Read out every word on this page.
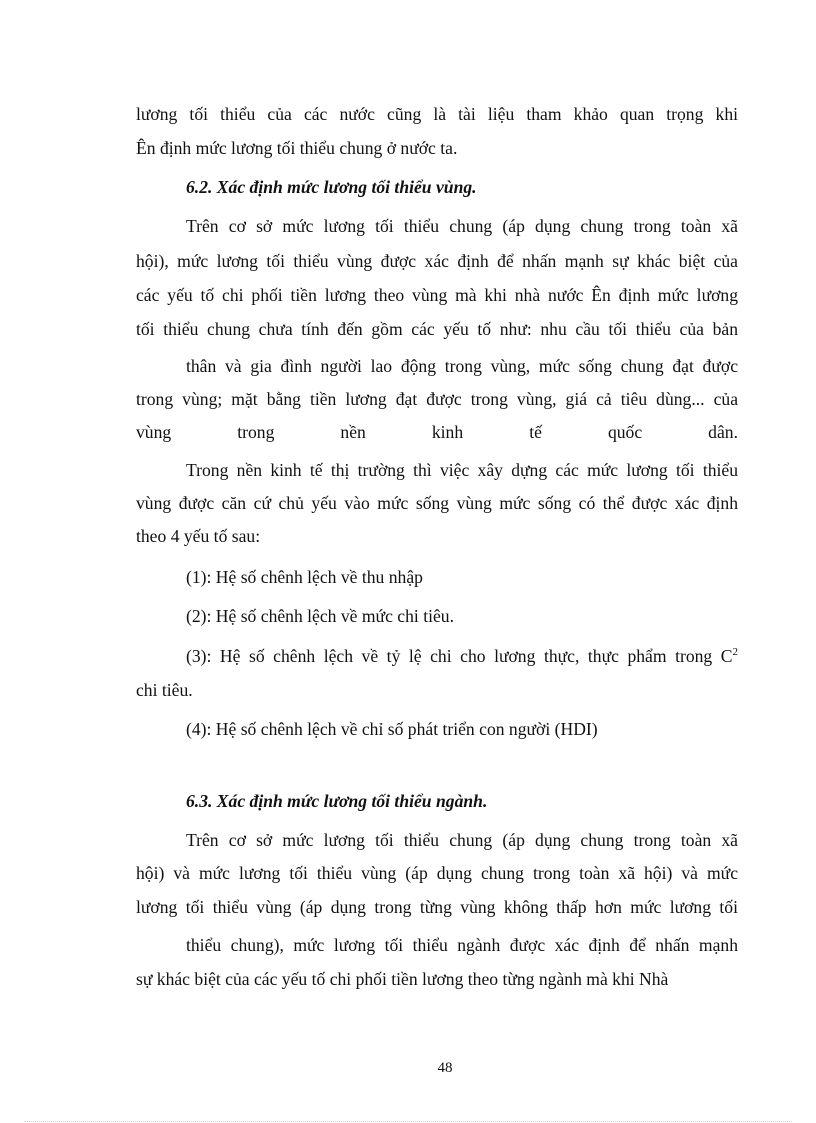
lương tối thiểu của các nước cũng là tài liệu tham khảo quan trọng khi
Ên định mức lương tối thiểu chung ở nước ta.
6.2. Xác định mức lương tối thiểu vùng.
Trên cơ sở mức lương tối thiểu chung (áp dụng chung trong toàn xã
hội), mức lương tối thiểu vùng được xác định để nhấn mạnh sự khác biệt của
các yếu tố chi phối tiền lương theo vùng mà khi nhà nước Ên định mức lương
tối thiểu chung chưa tính đến gồm các yếu tố như: nhu cầu tối thiểu của bản
thân và gia đình người lao động trong vùng, mức sống chung đạt được
trong vùng; mặt bằng tiền lương đạt được trong vùng, giá cả tiêu dùng... của
vùng trong nền kinh tế quốc dân.
Trong nền kinh tế thị trường thì việc xây dựng các mức lương tối thiểu
vùng được căn cứ chủ yếu vào mức sống vùng mức sống có thể được xác định
theo 4 yếu tố sau:
(1): Hệ số chênh lệch về thu nhập
(2): Hệ số chênh lệch về mức chi tiêu.
(3): Hệ số chênh lệch về tỷ lệ chi cho lương thực, thực phẩm trong $C^2$
chi tiêu.
(4): Hệ số chênh lệch về chỉ số phát triển con người (HDI)
6.3. Xác định mức lương tối thiểu ngành.
Trên cơ sở mức lương tối thiểu chung (áp dụng chung trong toàn xã
hội) và mức lương tối thiểu vùng (áp dụng chung trong toàn xã hội) và mức
lương tối thiểu vùng (áp dụng trong từng vùng không thấp hơn mức lương tối
thiểu chung), mức lương tối thiểu ngành được xác định để nhấn mạnh
sự khác biệt của các yếu tố chi phối tiền lương theo từng ngành mà khi Nhà
48
